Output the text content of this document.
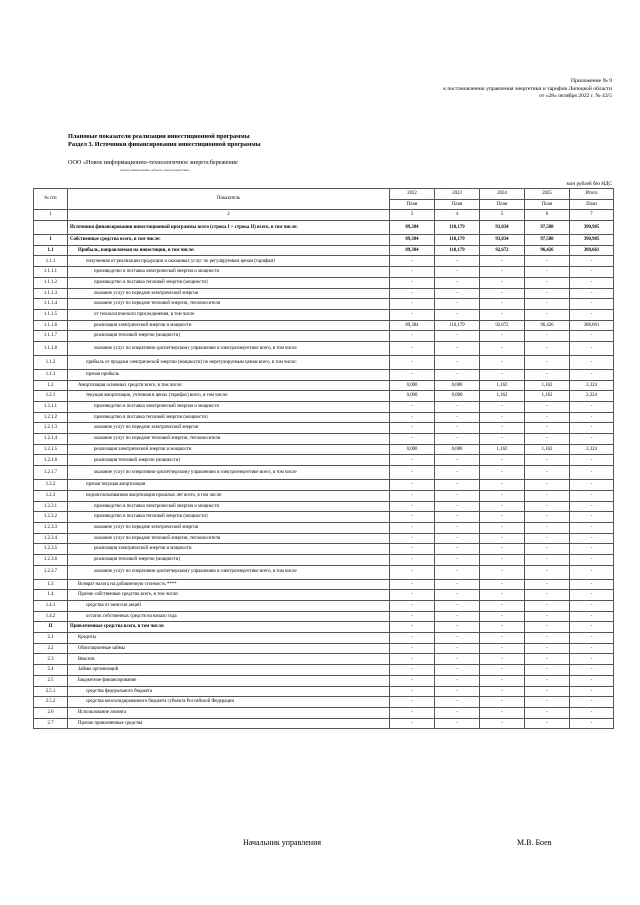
Приложение № 9
к постановлению управления энергетики и тарифов Липецкой области
от «28» октября 2022 г. № 43/5
Плановые показатели реализации инвестиционной программы
Раздел 3. Источники финансирования инвестиционной программы
ООО «Новое информационно-технологичное энергосбережение
полное наименование субъекта электроэнергетики
млн рублей без НДС
№ п/п	Показатель	2022	2023	2024	2025	Итого
		План	План	План	План	План
1	2	3	4	5	6	7
	Источники финансирования инвестиционной программы всего (строка I + строка II) всего, в том числе:	89,384	110,179	93,834	97,588	390,985
I	Собственные средства всего, в том числе:	89,384	110,179	93,834	97,588	390,985
1.1	Прибыль, направляемая на инвестиции, в том числе:	89,384	110,179	92,672	96,426	388,661
1.1.1	полученная от реализации продукции и оказанных услуг по регулируемым ценам (тарифам)	-	-	-	-	-
1.1.1.1	производство и поставка электрической энергии и мощности	-	-	-	-	-
1.1.1.2	производство и поставка тепловой энергии (мощности)	-	-	-	-	-
1.1.1.3	оказание услуг по передаче электрической энергии	-	-	-	-	-
1.1.1.4	оказание услуг по передаче тепловой энергии, теплоносителя	-	-	-	-	-
1.1.1.5	от технологического присоединения, в том числе	-	-	-	-	-
1.1.1.6	реализация электрической энергии и мощности	89,384	110,179	92,672	96,426	388,661
1.1.1.7	реализация тепловой энергии (мощности)	-	-	-	-	-
1.1.1.8	оказание услуг по оперативно-диспетчерскому управлению в электроэнергетике всего, в том числе	-	-	-	-	-
1.1.2	прибыль от продажи электрической энергии (мощности) по нерегулируемым ценам всего, в том числе:	-	-	-	-	-
1.1.3	прочая прибыль	-	-	-	-	-
1.2	Амортизация основных средств всего, в том числе:	0,000	0,000	1,162	1,162	2,324
1.2.1	текущая амортизация, учтенная в ценах (тарифах) всего, в том числе:	0,000	0,000	1,162	1,162	2,324
1.2.1.1	производство и поставка электрической энергии и мощности	-	-	-	-	-
1.2.1.2	производство и поставка тепловой энергии (мощности)	-	-	-	-	-
1.2.1.3	оказание услуг по передаче электрической энергии	-	-	-	-	-
1.2.1.4	оказание услуг по передаче тепловой энергии, теплоносителя	-	-	-	-	-
1.2.1.5	реализация электрической энергии и мощности	0,000	0,000	1,162	1,162	2,324
1.2.1.6	реализация тепловой энергии (мощности)	-	-	-	-	-
1.2.1.7	оказание услуг по оперативно-диспетчерскому управлению в электроэнергетике всего, в том числе	-	-	-	-	-
1.2.2	прочая текущая амортизация	-	-	-	-	-
1.2.3	недоиспользованная амортизация прошлых лет всего, в том числе:	-	-	-	-	-
1.2.3.1	производство и поставка электрической энергии и мощности	-	-	-	-	-
1.2.3.2	производство и поставка тепловой энергии (мощности)	-	-	-	-	-
1.2.3.3	оказание услуг по передаче электрической энергии	-	-	-	-	-
1.2.3.4	оказание услуг по передаче тепловой энергии, теплоносителя	-	-	-	-	-
1.2.3.5	реализация электрической энергии и мощности	-	-	-	-	-
1.2.3.6	реализация тепловой энергии (мощности)	-	-	-	-	-
1.2.3.7	оказание услуг по оперативно-диспетчерскому управлению в электроэнергетике всего, в том числе	-	-	-	-	-
1.3	Возврат налога на добавленную стоимость ****	-	-	-	-	-
1.4	Прочие собственные средства всего, в том числе:	-	-	-	-	-
1.4.1	средства от эмиссии акций	-	-	-	-	-
1.4.2	остаток собственных средств на начало года	-	-	-	-	-
II	Привлеченные средства всего, в том числе:	-	-	-	-	-
2.1	Кредиты	-	-	-	-	-
2.2	Облигационные займы	-	-	-	-	-
2.3	Векселя	-	-	-	-	-
2.4	Займы организаций	-	-	-	-	-
2.5	Бюджетное финансирование	-	-	-	-	-
2.5.1	средства федерального бюджета	-	-	-	-	-
2.5.2	средства консолидированного бюджета субъекта Российской Федерации	-	-	-	-	-
2.6	Использование лизинга	-	-	-	-	-
2.7	Прочие привлеченные средства	-	-	-	-	-
Начальник управления	М.В. Боев
